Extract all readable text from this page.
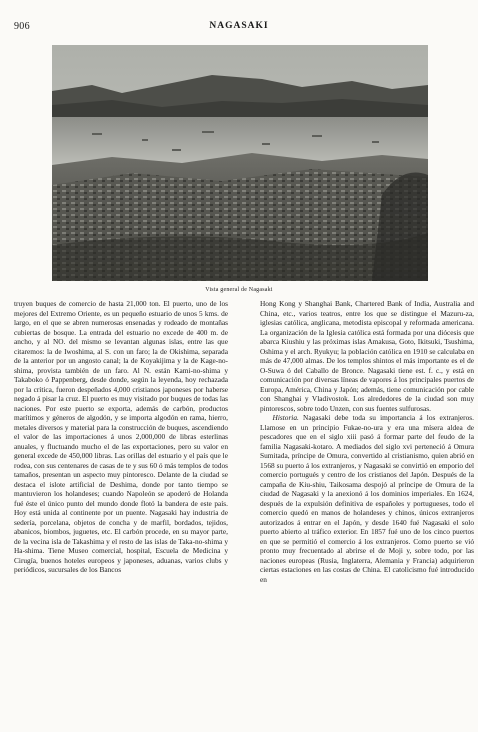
906	NAGASAKI
Vista general de Nagasaki

truyen buques de comercio de hasta 21,000 ton. El puerto, uno de los mejores del Extremo Oriente, es un pequeño estuario de unos 5 kms. de largo, en el que se abren numerosas ensenadas y rodeado de montañas cubiertas de bosque. La entrada del estuario no excede de 400 m. de ancho, y al NO. del mismo se levantan algunas islas, entre las que citaremos: la de Iwoshima, al S. con un faro; la de Okishima, separada de la anterior por un angosto canal; la de Koyakijima y la de Kage-no-shima, provista también de un faro. Al N. están Kami-no-shima y Takaboko ó Pappenberg, desde donde, según la leyenda, hoy rechazada por la crítica, fueron despeñados 4,000 cristianos japoneses por haberse negado á pisar la cruz. El puerto es muy visitado por buques de todas las naciones. Por este puerto se exporta, además de carbón, productos marítimos y géneros de algodón, y se importa algodón en rama, hierro, metales diversos y material para la construcción de buques, ascendiendo el valor de las importaciones á unos 2,000,000 de libras esterlinas anuales, y fluctuando mucho el de las exportaciones, pero su valor en general excede de 450,000 libras. Las orillas del estuario y el país que le rodea, con sus centenares de casas de te y sus 60 ó más templos de todos tamaños, presentan un aspecto muy pintoresco. Delante de la ciudad se destaca el islote artificial de Deshima, donde por tanto tiempo se mantuvieron los holandeses; cuando Napoleón se apoderó de Holanda fué éste el único punto del mundo donde flotó la bandera de este país. Hoy está unida al continente por un puente. Nagasaki hay industria de sedería, porcelana, objetos de concha y de marfil, bordados, tejidos, abanicos, biombos, juguetes, etc. El carbón procede, en su mayor parte, de la vecina isla de Takashima y el resto de las islas de Taka-no-shima y Ha-shima. Tiene Museo comercial, hospital, Escuela de Medicina y Cirugía, buenos hoteles europeos y japoneses, aduanas, varios clubs y periódicos, sucursales de los Bancos

Hong Kong y Shanghai Bank, Chartered Bank of India, Australia and China, etc., varios teatros, entre los que se distingue el Mazuru-za, iglesias católica, anglicana, metodista episcopal y reformada americana. La organización de la Iglesia católica está formada por una diócesis que abarca Kiushiu y las próximas islas Amakusa, Goto, Ikitsuki, Tsushima, Oshima y el arch. Ryukyu; la población católica en 1910 se calculaba en más de 47,000 almas. De los templos shintos el más importante es el de O-Suwa ó del Caballo de Bronce. Nagasaki tiene est. f. c., y está en comunicación por diversas líneas de vapores á los principales puertos de Europa, América, China y Japón; además, tiene comunicación por cable con Shanghai y Vladivostok. Los alrededores de la ciudad son muy pintorescos, sobre todo Unzen, con sus fuentes sulfurosas.

Historia. Nagasaki debe toda su importancia á los extranjeros. Llamose en un principio Fukae-no-ura y era una mísera aldea de pescadores que en el siglo xiii pasó á formar parte del feudo de la familia Nagasaki-kotaro. A mediados del siglo xvi perteneció á Omura Sumitada, príncipe de Omura, convertido al cristianismo, quien abrió en 1568 su puerto á los extranjeros, y Nagasaki se convirtió en emporio del comercio portugués y centro de los cristianos del Japón. Después de la campaña de Kiu-shiu, Taikosama despojó al príncipe de Omura de la ciudad de Nagasaki y la anexionó á los dominios imperiales. En 1624, después de la expulsión definitiva de españoles y portugueses, todo el comercio quedó en manos de holandeses y chinos, únicos extranjeros autorizados á entrar en el Japón, y desde 1640 fué Nagasaki el solo puerto abierto al tráfico exterior. En 1857 fué uno de los cinco puertos en que se permitió el comercio á los extranjeros. Como puerto se vió pronto muy frecuentado al abrirse el de Moji y, sobre todo, por las naciones europeas (Rusia, Inglaterra, Alemania y Francia) adquirieron ciertas estaciones en las costas de China. El catolicismo fué introducido en
